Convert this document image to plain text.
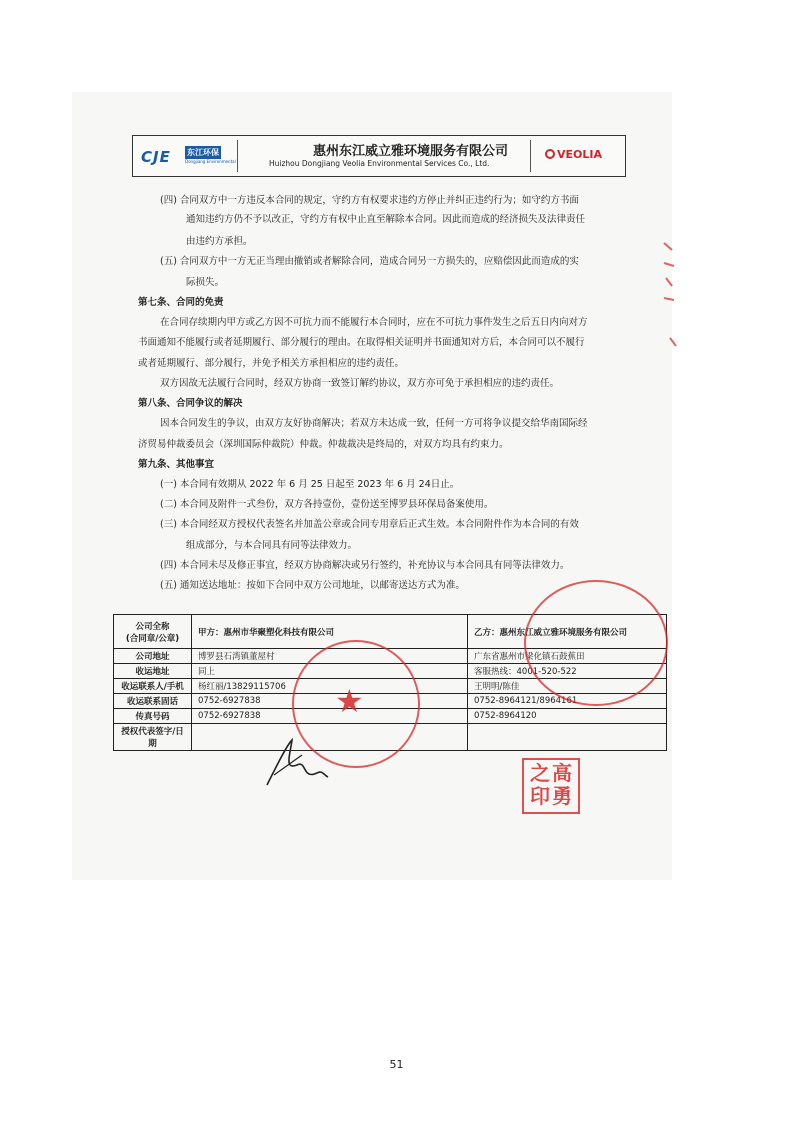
CJE 东江环保
Dongjiang Environmental
惠州东江威立雅环境服务有限公司
Huizhou Dongjiang Veolia Environmental Services Co., Ltd.
VEOLIA
(四) 合同双方中一方违反本合同的规定，守约方有权要求违约方停止并纠正违约行为；如守约方书面
通知违约方仍不予以改正，守约方有权中止直至解除本合同。因此而造成的经济损失及法律责任
由违约方承担。
(五) 合同双方中一方无正当理由撤销或者解除合同，造成合同另一方损失的，应赔偿因此而造成的实
际损失。
第七条、合同的免责
在合同存续期内甲方或乙方因不可抗力而不能履行本合同时，应在不可抗力事件发生之后五日内向对方
书面通知不能履行或者延期履行、部分履行的理由。在取得相关证明并书面通知对方后，本合同可以不履行
或者延期履行、部分履行，并免予相关方承担相应的违约责任。
双方因故无法履行合同时，经双方协商一致签订解约协议，双方亦可免于承担相应的违约责任。
第八条、合同争议的解决
因本合同发生的争议，由双方友好协商解决；若双方未达成一致，任何一方可将争议提交给华南国际经
济贸易仲裁委员会（深圳国际仲裁院）仲裁。仲裁裁决是终局的，对双方均具有约束力。
第九条、其他事宜
(一) 本合同有效期从 2022 年 6 月 25 日起至 2023 年 6 月 24日止。
(二) 本合同及附件一式叁份，双方各持壹份，壹份送至博罗县环保局备案使用。
(三) 本合同经双方授权代表签名并加盖公章或合同专用章后正式生效。本合同附件作为本合同的有效
组成部分，与本合同具有同等法律效力。
(四) 本合同未尽及修正事宜，经双方协商解决或另行签约，补充协议与本合同具有同等法律效力。
(五) 通知送达地址：按如下合同中双方公司地址，以邮寄送达方式为准。
公司全称
(合同章/公章)	甲方：惠州市华聚塑化科技有限公司	乙方：惠州东江威立雅环境服务有限公司
公司地址	博罗县石湾镇董屋村	广东省惠州市梁化镇石鼓蕉田
收运地址	同上	客服热线：4001-520-522
收运联系人/手机	杨红丽/13829115706	王明明/陈佳
收运联系固话	0752-6927838	0752-8964121/8964161
传真号码	0752-6927838	0752-8964120
授权代表签字/日期		
★
之 高
印 勇
51
